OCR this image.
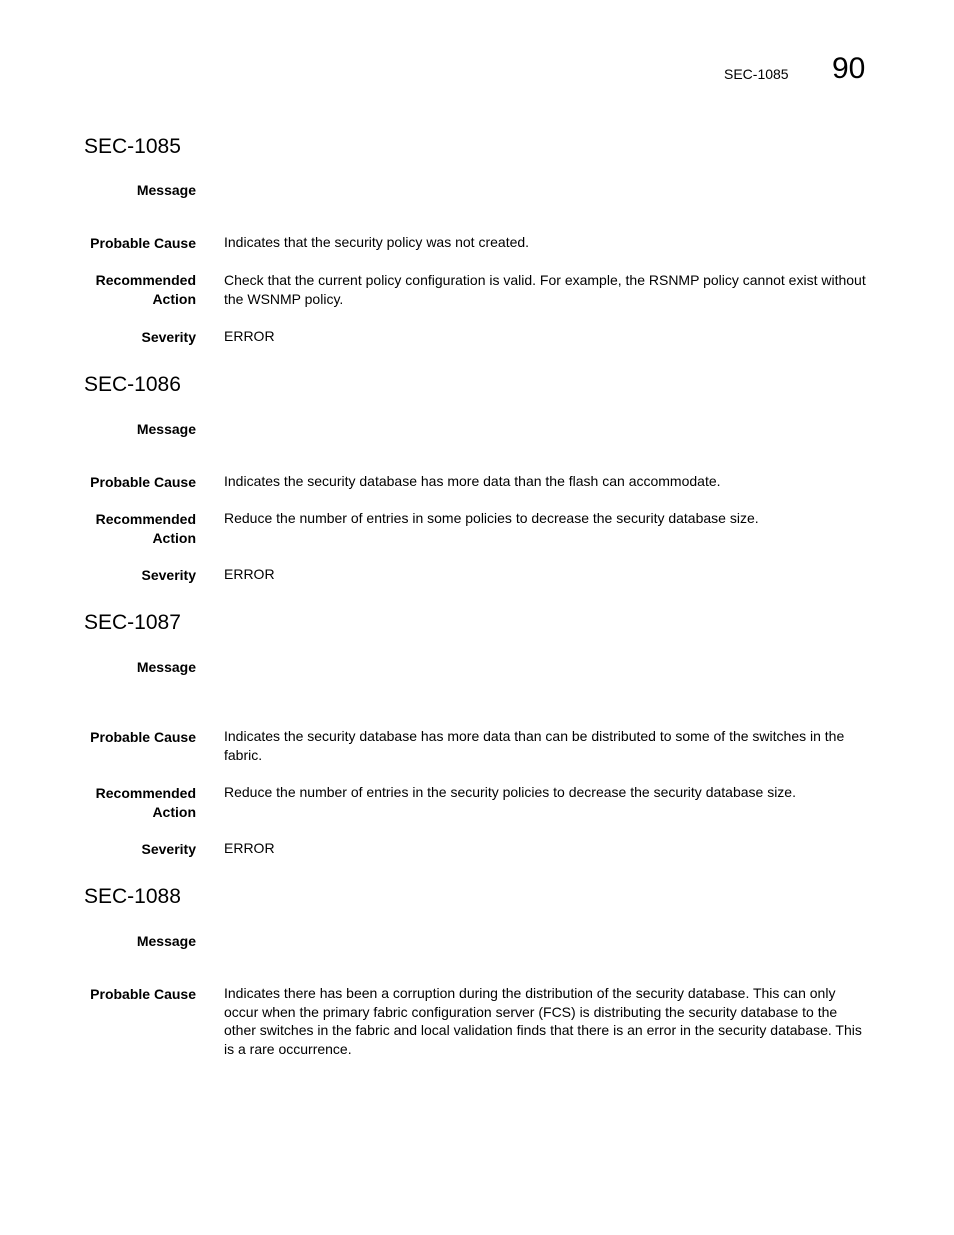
SEC-1085 90
SEC-1085
Message
Probable Cause Indicates that the security policy was not created.
Recommended Action
Check that the current policy configuration is valid. For example, the RSNMP policy cannot exist without the WSNMP policy.
Severity ERROR
SEC-1086
Message
Probable Cause Indicates the security database has more data than the flash can accommodate.
Recommended Action
Reduce the number of entries in some policies to decrease the security database size.
Severity ERROR
SEC-1087
Message
Probable Cause Indicates the security database has more data than can be distributed to some of the switches in the fabric.
Recommended Action
Reduce the number of entries in the security policies to decrease the security database size.
Severity ERROR
SEC-1088
Message
Probable Cause Indicates there has been a corruption during the distribution of the security database. This can only occur when the primary fabric configuration server (FCS) is distributing the security database to the other switches in the fabric and local validation finds that there is an error in the security database. This is a rare occurrence.
